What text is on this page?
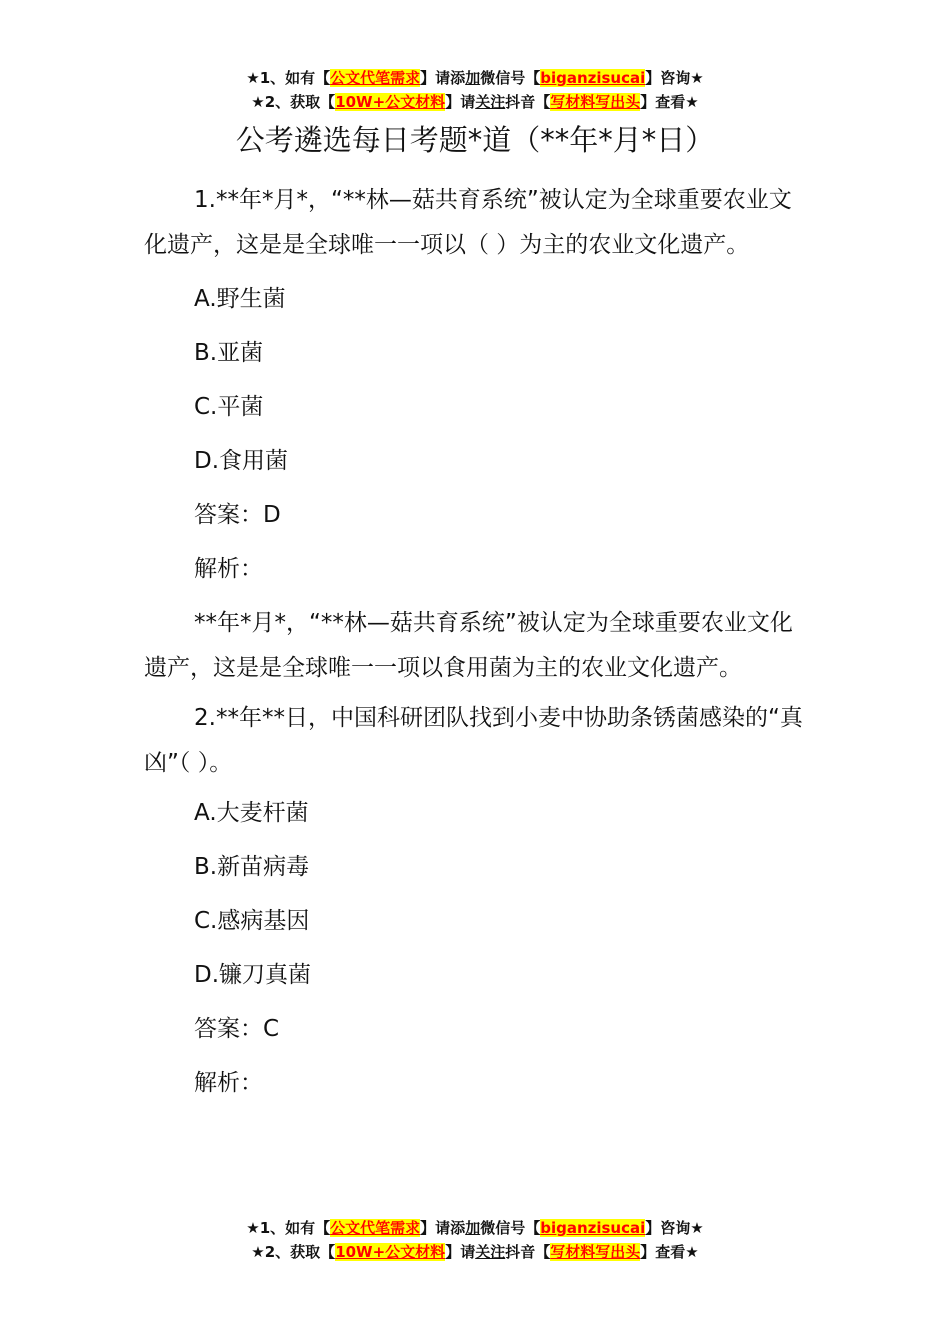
★1、如有【公文代笔需求】请添加微信号【biganzisucai】咨询★
★2、获取【10W+公文材料】请关注抖音【写材料写出头】查看★
公考遴选每日考题*道（**年*月*日）

1.**年*月*，“**林—菇共育系统”被认定为全球重要农业文化遗产，这是是全球唯一一项以（ ）为主的农业文化遗产。

A.野生菌

B.亚菌

C.平菌

D.食用菌

答案：D

解析：

**年*月*，“**林—菇共育系统”被认定为全球重要农业文化遗产，这是是全球唯一一项以食用菌为主的农业文化遗产。

2.**年**日，中国科研团队找到小麦中协助条锈菌感染的“真凶”（ ）。

A.大麦杆菌

B.新苗病毒

C.感病基因

D.镰刀真菌

答案：C

解析：

★1、如有【公文代笔需求】请添加微信号【biganzisucai】咨询★
★2、获取【10W+公文材料】请关注抖音【写材料写出头】查看★
